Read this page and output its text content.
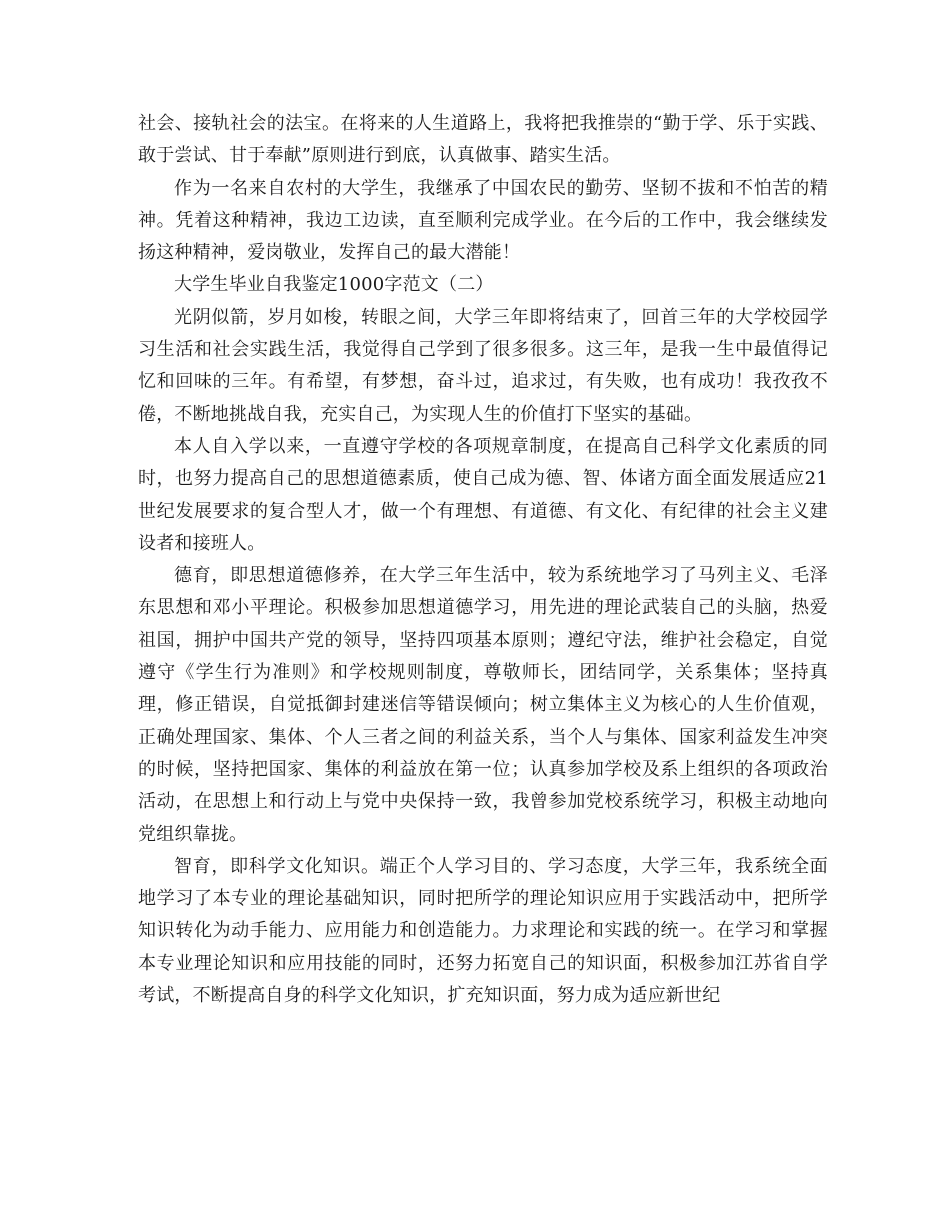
社会、接轨社会的法宝。在将来的人生道路上，我将把我推崇的“勤于学、乐于实践、敢于尝试、甘于奉献”原则进行到底，认真做事、踏实生活。

作为一名来自农村的大学生，我继承了中国农民的勤劳、坚韧不拔和不怕苦的精神。凭着这种精神，我边工边读，直至顺利完成学业。在今后的工作中，我会继续发扬这种精神，爱岗敬业，发挥自己的最大潜能！

大学生毕业自我鉴定1000字范文（二）

光阴似箭，岁月如梭，转眼之间，大学三年即将结束了，回首三年的大学校园学习生活和社会实践生活，我觉得自己学到了很多很多。这三年，是我一生中最值得记忆和回味的三年。有希望，有梦想，奋斗过，追求过，有失败，也有成功！我孜孜不倦，不断地挑战自我，充实自己，为实现人生的价值打下坚实的基础。

本人自入学以来，一直遵守学校的各项规章制度，在提高自己科学文化素质的同时，也努力提高自己的思想道德素质，使自己成为德、智、体诸方面全面发展适应21世纪发展要求的复合型人才，做一个有理想、有道德、有文化、有纪律的社会主义建设者和接班人。

德育，即思想道德修养，在大学三年生活中，较为系统地学习了马列主义、毛泽东思想和邓小平理论。积极参加思想道德学习，用先进的理论武装自己的头脑，热爱祖国，拥护中国共产党的领导，坚持四项基本原则；遵纪守法，维护社会稳定，自觉遵守《学生行为准则》和学校规则制度，尊敬师长，团结同学，关系集体；坚持真理，修正错误，自觉抵御封建迷信等错误倾向；树立集体主义为核心的人生价值观，正确处理国家、集体、个人三者之间的利益关系，当个人与集体、国家利益发生冲突的时候，坚持把国家、集体的利益放在第一位；认真参加学校及系上组织的各项政治活动，在思想上和行动上与党中央保持一致，我曾参加党校系统学习，积极主动地向党组织靠拢。

智育，即科学文化知识。端正个人学习目的、学习态度，大学三年，我系统全面地学习了本专业的理论基础知识，同时把所学的理论知识应用于实践活动中，把所学知识转化为动手能力、应用能力和创造能力。力求理论和实践的统一。在学习和掌握本专业理论知识和应用技能的同时，还努力拓宽自己的知识面，积极参加江苏省自学考试，不断提高自身的科学文化知识，扩充知识面，努力成为适应新世纪
